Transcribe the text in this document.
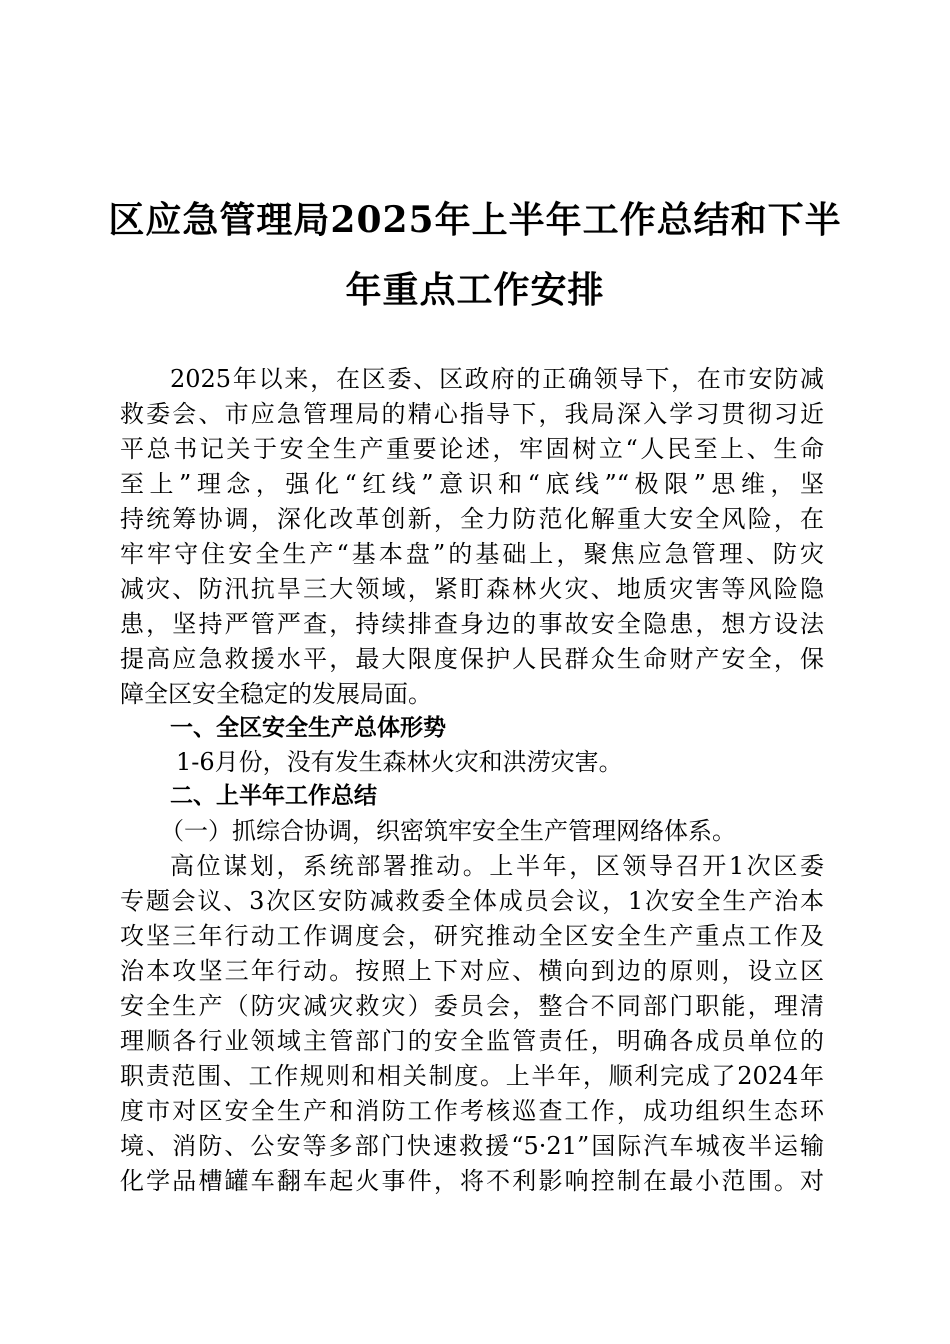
区应急管理局2025年上半年工作总结和下半
年重点工作安排
2025年以来，在区委、区政府的正确领导下，在市安防减
救委会、市应急管理局的精心指导下，我局深入学习贯彻习近
平总书记关于安全生产重要论述，牢固树立“人民至上、生命
至上”理念，强化“红线”意识和“底线”“极限”思维，坚
持统筹协调，深化改革创新，全力防范化解重大安全风险，在
牢牢守住安全生产“基本盘”的基础上，聚焦应急管理、防灾
减灾、防汛抗旱三大领域，紧盯森林火灾、地质灾害等风险隐
患，坚持严管严查，持续排查身边的事故安全隐患，想方设法
提高应急救援水平，最大限度保护人民群众生命财产安全，保
障全区安全稳定的发展局面。
一、全区安全生产总体形势
1-6月份，没有发生森林火灾和洪涝灾害。
二、上半年工作总结
（一）抓综合协调，织密筑牢安全生产管理网络体系。
高位谋划，系统部署推动。上半年，区领导召开1次区委
专题会议、3次区安防减救委全体成员会议，1次安全生产治本
攻坚三年行动工作调度会，研究推动全区安全生产重点工作及
治本攻坚三年行动。按照上下对应、横向到边的原则，设立区
安全生产（防灾减灾救灾）委员会，整合不同部门职能，理清
理顺各行业领域主管部门的安全监管责任，明确各成员单位的
职责范围、工作规则和相关制度。上半年，顺利完成了2024年
度市对区安全生产和消防工作考核巡查工作，成功组织生态环
境、消防、公安等多部门快速救援“5·21”国际汽车城夜半运输
化学品槽罐车翻车起火事件，将不利影响控制在最小范围。对
